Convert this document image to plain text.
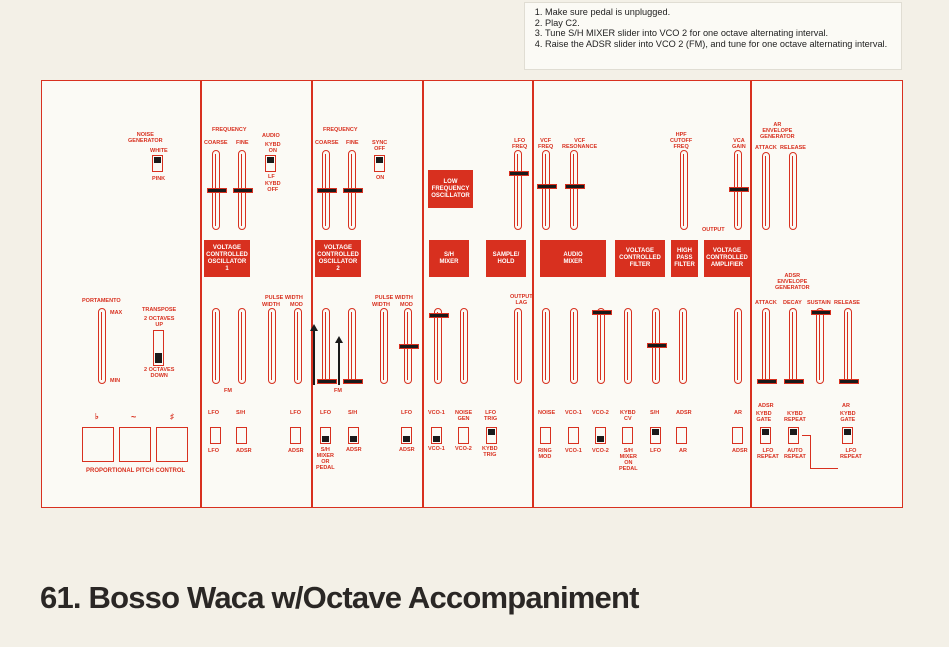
1. Make sure pedal is unplugged.
2. Play C2.
3. Tune S/H MIXER slider into VCO 2 for one octave alternating interval.
4. Raise the ADSR slider into VCO 2 (FM), and tune for one octave alternating interval.
NOISE
GENERATOR
WHITE
PINK
PORTAMENTO
MAX
MIN
TRANSPOSE
2 OCTAVES
UP
2 OCTAVES
DOWN
♭	~	♯
PROPORTIONAL PITCH CONTROL
FREQUENCY
COARSE FINE
AUDIO
KYBD
ON
LF
KYBD
OFF
VOLTAGE
CONTROLLED
OSCILLATOR
1
PULSE WIDTH
WIDTH MOD
FM
LFO	S/H	LFO
LFO	ADSR	ADSR
FREQUENCY
COARSE FINE SYNC
OFF
ON
VOLTAGE
CONTROLLED
OSCILLATOR
2
PULSE WIDTH
WIDTH MOD
FM
LFO	S/H	LFO
S/H
MIXER
OR
PEDAL
ADSR	ADSR
LOW
FREQUENCY
OSCILLATOR
LFO
FREQ
S/H
MIXER
SAMPLE/
HOLD
OUTPUT
LAG
VCO-1 NOISE
GEN
LFO
TRIG
VCO-1 VCO-2 KYBD
TRIG
VCF
FREQ
VCF
RESONANCE
HPF
CUTOFF
FREQ
VCA
GAIN
OUTPUT
AUDIO
MIXER
VOLTAGE
CONTROLLED
FILTER
HIGH
PASS
FILTER
VOLTAGE
CONTROLLED
AMPLIFIER
NOISE VCO-1 VCO-2 KYBD
CV
S/H	ADSR	AR
RING
MOD
VCO-1 VCO-2	S/H
MIXER
ON
PEDAL
LFO	AR	ADSR
AR
ENVELOPE
GENERATOR
ATTACK RELEASE
ADSR
ENVELOPE
GENERATOR
ATTACK DECAY SUSTAIN RELEASE
ADSR	AR
KYBD
GATE
KYBD
REPEAT
KYBD
GATE
LFO
REPEAT
AUTO
REPEAT
LFO
REPEAT
61. Bosso Waca w/Octave Accompaniment
